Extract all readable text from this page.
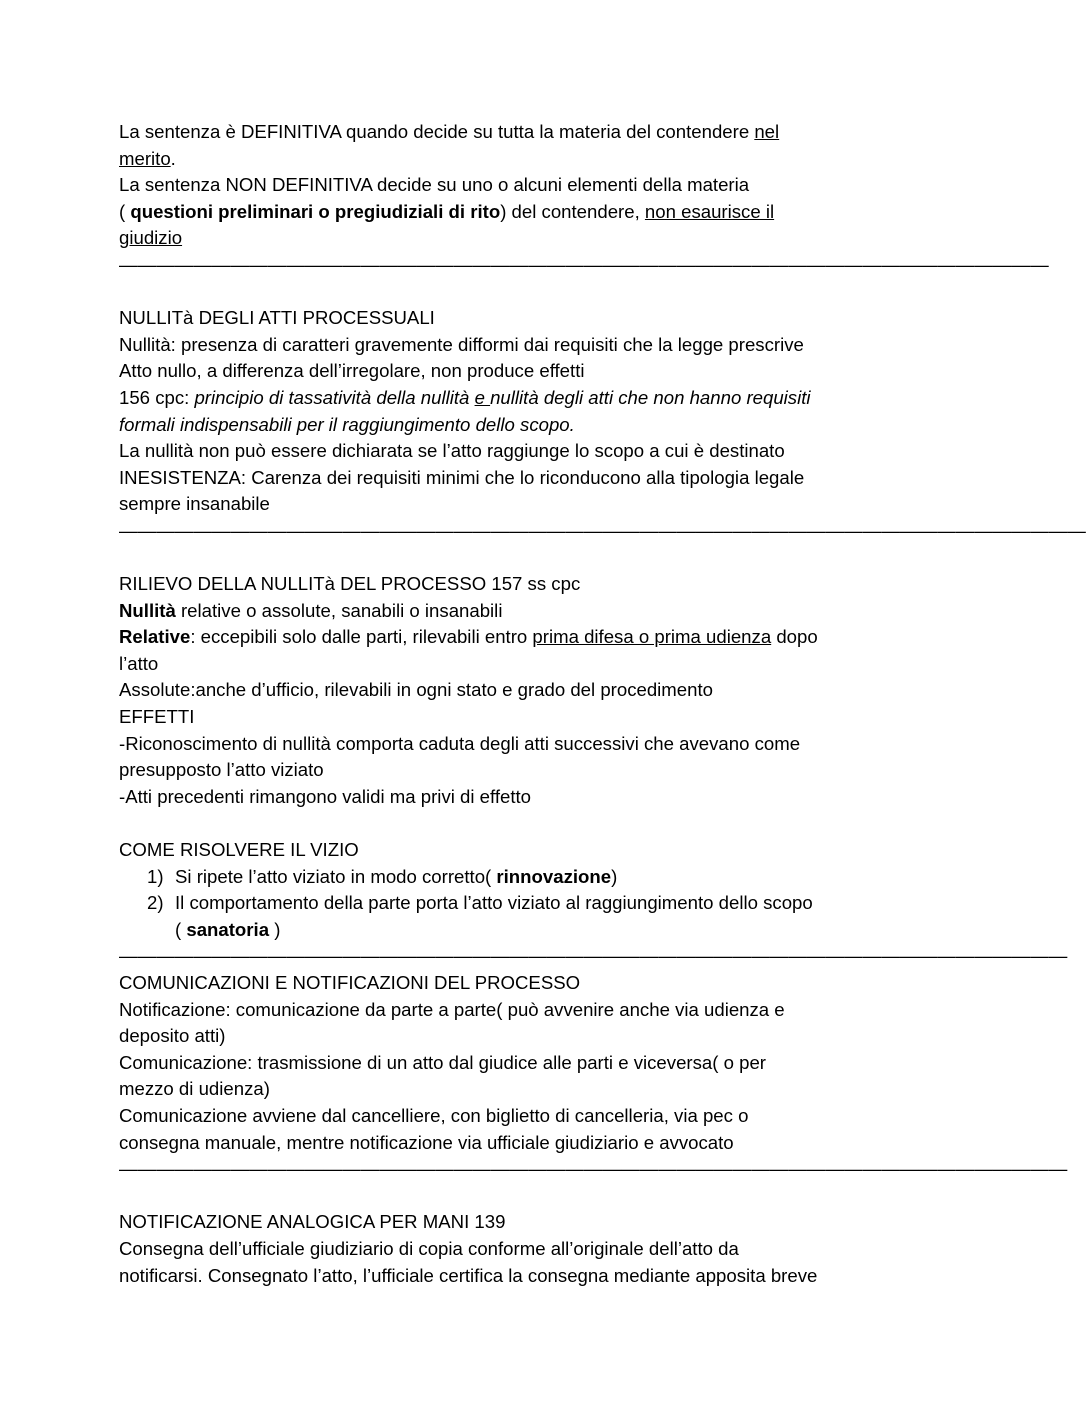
La sentenza è DEFINITIVA quando decide su tutta la materia del contendere nel
merito.
La sentenza NON DEFINITIVA decide su uno o alcuni elementi della materia
( questioni preliminari o pregiudiziali di rito) del contendere, non esaurisce il
giudizio
——————————————————————————————————————————————————
NULLITà DEGLI ATTI PROCESSUALI
Nullità: presenza di caratteri gravemente difformi dai requisiti che la legge prescrive
Atto nullo, a differenza dell’irregolare, non produce effetti
156 cpc: principio di tassatività della nullità e nullità degli atti che non hanno requisiti
formali indispensabili per il raggiungimento dello scopo.
La nullità non può essere dichiarata se l’atto raggiunge lo scopo a cui è destinato
INESISTENZA: Carenza dei requisiti minimi che lo riconducono alla tipologia legale
sempre insanabile
————————————————————————————————————————————————————
RILIEVO DELLA NULLITà DEL PROCESSO 157 ss cpc
Nullità relative o assolute, sanabili o insanabili
Relative: eccepibili solo dalle parti, rilevabili entro prima difesa o prima udienza dopo
l’atto
Assolute:anche d’ufficio, rilevabili in ogni stato e grado del procedimento
EFFETTI
-Riconoscimento di nullità comporta caduta degli atti successivi che avevano come
presupposto l’atto viziato
-Atti precedenti rimangono validi ma privi di effetto
COME RISOLVERE IL VIZIO
1) Si ripete l’atto viziato in modo corretto( rinnovazione)
2) Il comportamento della parte porta l’atto viziato al raggiungimento dello scopo
( sanatoria )
———————————————————————————————————————————————————
COMUNICAZIONI E NOTIFICAZIONI DEL PROCESSO
Notificazione: comunicazione da parte a parte( può avvenire anche via udienza e
deposito atti)
Comunicazione: trasmissione di un atto dal giudice alle parti e viceversa( o per
mezzo di udienza)
Comunicazione avviene dal cancelliere, con biglietto di cancelleria, via pec o
consegna manuale, mentre notificazione via ufficiale giudiziario e avvocato
———————————————————————————————————————————————————
NOTIFICAZIONE ANALOGICA PER MANI 139
Consegna dell’ufficiale giudiziario di copia conforme all’originale dell’atto da
notificarsi. Consegnato l’atto, l’ufficiale certifica la consegna mediante apposita breve
